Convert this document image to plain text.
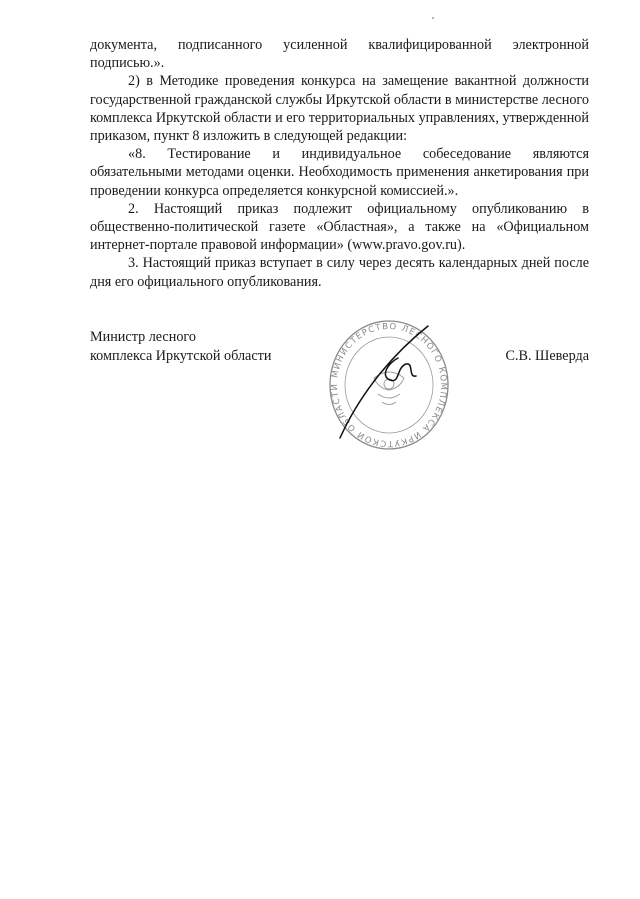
документа, подписанного усиленной квалифицированной электронной подписью.».

2) в Методике проведения конкурса на замещение вакантной должности государственной гражданской службы Иркутской области в министерстве лесного комплекса Иркутской области и его территориальных управлениях, утвержденной приказом, пункт 8 изложить в следующей редакции:

«8. Тестирование и индивидуальное собеседование являются обязательными методами оценки. Необходимость применения анкетирования при проведении конкурса определяется конкурсной комиссией.».

2. Настоящий приказ подлежит официальному опубликованию в общественно-политической газете «Областная», а также на «Официальном интернет-портале правовой информации» (www.pravo.gov.ru).

3. Настоящий приказ вступает в силу через десять календарных дней после дня его официального опубликования.

Министр лесного
комплекса Иркутской области	С.В. Шеверда
МИНИСТЕРСТВО ЛЕСНОГО КОМПЛЕКСА ИРКУТСКОЙ ОБЛАСТИ
